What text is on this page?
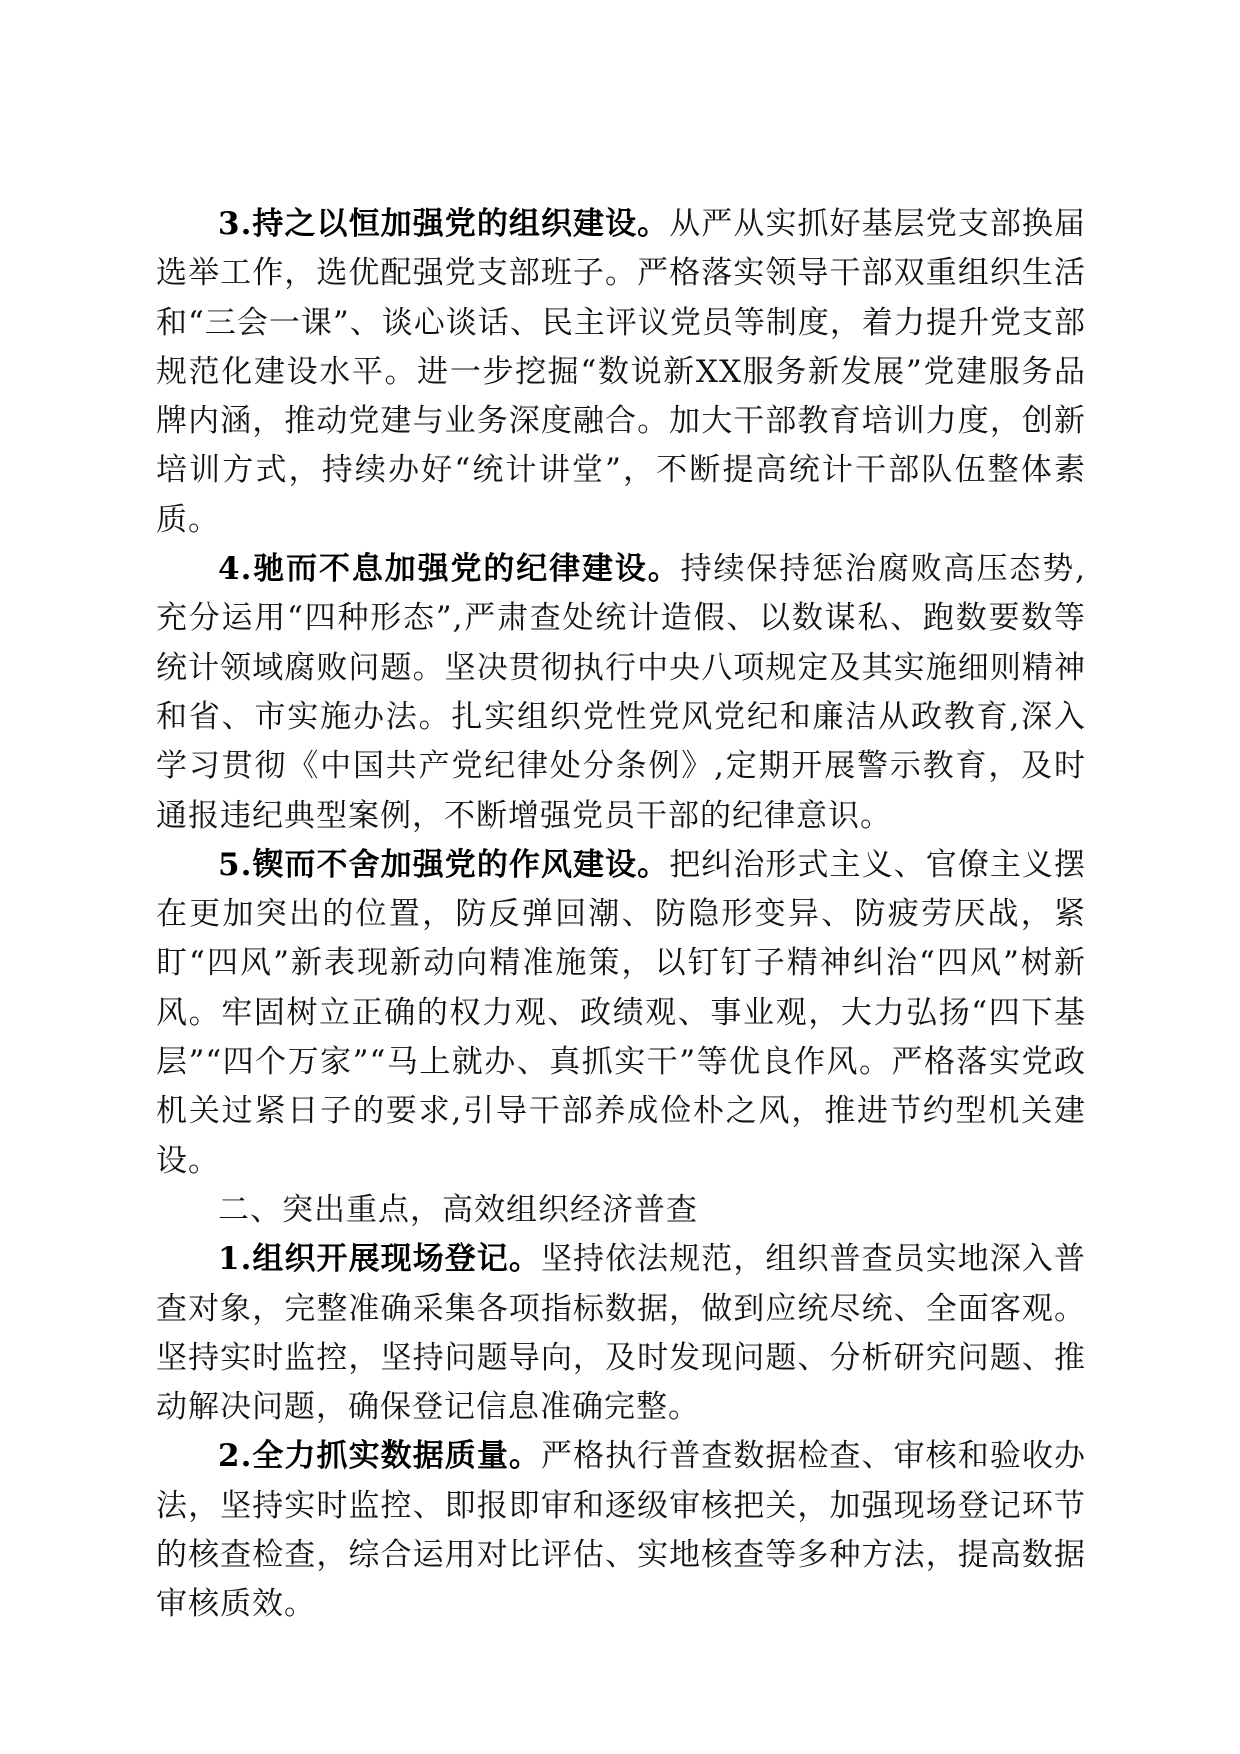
3.持之以恒加强党的组织建设。从严从实抓好基层党支部换届选举工作，选优配强党支部班子。严格落实领导干部双重组织生活和“三会一课”、谈心谈话、民主评议党员等制度，着力提升党支部规范化建设水平。进一步挖掘“数说新XX服务新发展”党建服务品牌内涵，推动党建与业务深度融合。加大干部教育培训力度，创新培训方式，持续办好“统计讲堂”，不断提高统计干部队伍整体素质。

4.驰而不息加强党的纪律建设。持续保持惩治腐败高压态势,充分运用“四种形态”,严肃查处统计造假、以数谋私、跑数要数等统计领域腐败问题。坚决贯彻执行中央八项规定及其实施细则精神和省、市实施办法。扎实组织党性党风党纪和廉洁从政教育,深入学习贯彻《中国共产党纪律处分条例》,定期开展警示教育，及时通报违纪典型案例，不断增强党员干部的纪律意识。

5.锲而不舍加强党的作风建设。把纠治形式主义、官僚主义摆在更加突出的位置，防反弹回潮、防隐形变异、防疲劳厌战，紧盯“四风”新表现新动向精准施策，以钉钉子精神纠治“四风”树新风。牢固树立正确的权力观、政绩观、事业观，大力弘扬“四下基层”“四个万家”“马上就办、真抓实干”等优良作风。严格落实党政机关过紧日子的要求,引导干部养成俭朴之风，推进节约型机关建设。

二、突出重点，高效组织经济普查

1.组织开展现场登记。坚持依法规范，组织普查员实地深入普查对象，完整准确采集各项指标数据，做到应统尽统、全面客观。坚持实时监控，坚持问题导向，及时发现问题、分析研究问题、推动解决问题，确保登记信息准确完整。

2.全力抓实数据质量。严格执行普查数据检查、审核和验收办法，坚持实时监控、即报即审和逐级审核把关，加强现场登记环节的核查检查，综合运用对比评估、实地核查等多种方法，提高数据审核质效。
